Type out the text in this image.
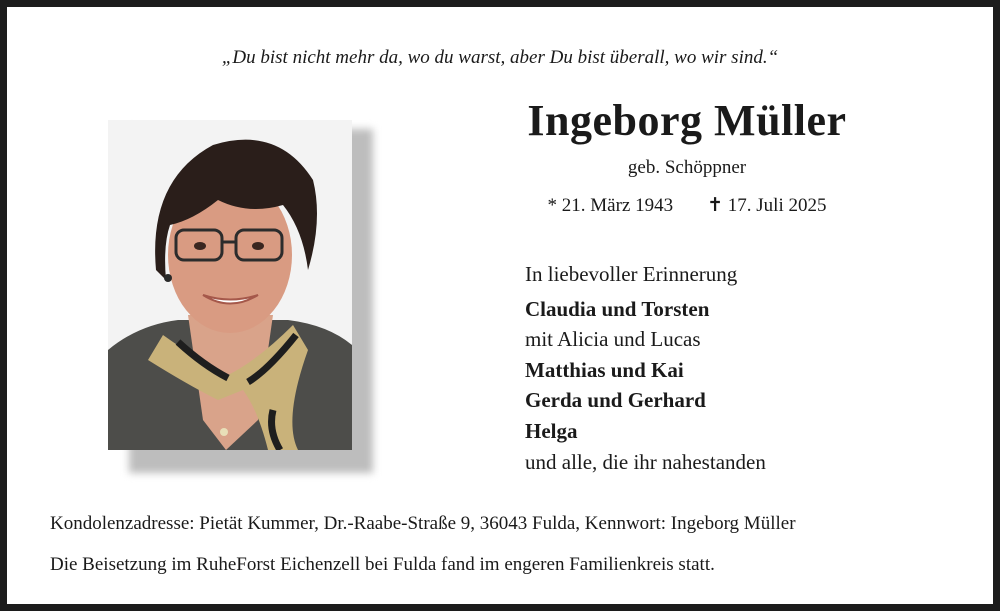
„Du bist nicht mehr da, wo du warst, aber Du bist überall, wo wir sind.“
Ingeborg Müller
geb. Schöppner
* 21. März 1943 ✝ 17. Juli 2025
In liebevoller Erinnerung
Claudia und Torsten
mit Alicia und Lucas
Matthias und Kai
Gerda und Gerhard
Helga
und alle, die ihr nahestanden
Kondolenzadresse: Pietät Kummer, Dr.-Raabe-Straße 9, 36043 Fulda, Kennwort: Ingeborg Müller
Die Beisetzung im RuheForst Eichenzell bei Fulda fand im engeren Familienkreis statt.
